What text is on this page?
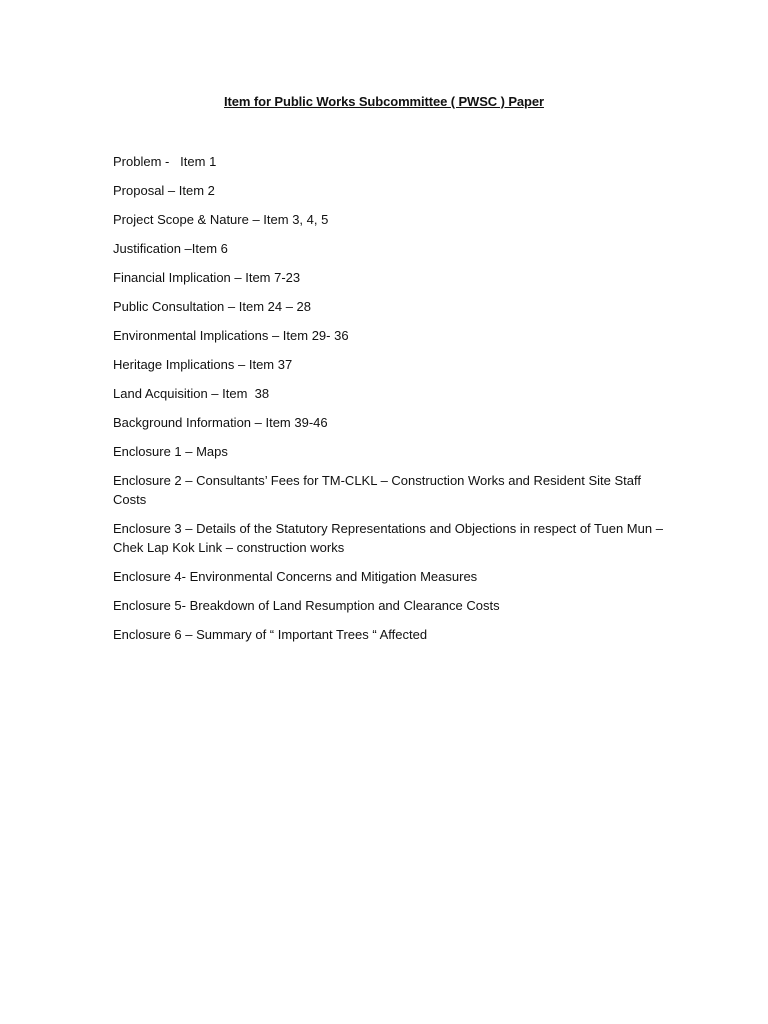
Item for Public Works Subcommittee ( PWSC ) Paper
Problem -   Item 1
Proposal – Item 2
Project Scope & Nature – Item 3, 4, 5
Justification –Item 6
Financial Implication – Item 7-23
Public Consultation – Item 24 – 28
Environmental Implications – Item 29- 36
Heritage Implications – Item 37
Land Acquisition – Item  38
Background Information – Item 39-46
Enclosure 1 – Maps
Enclosure 2 – Consultants’ Fees for TM-CLKL – Construction Works and Resident Site Staff Costs
Enclosure 3 – Details of the Statutory Representations and Objections in respect of Tuen Mun – Chek Lap Kok Link – construction works
Enclosure 4- Environmental Concerns and Mitigation Measures
Enclosure 5- Breakdown of Land Resumption and Clearance Costs
Enclosure 6 – Summary of “ Important Trees “ Affected
